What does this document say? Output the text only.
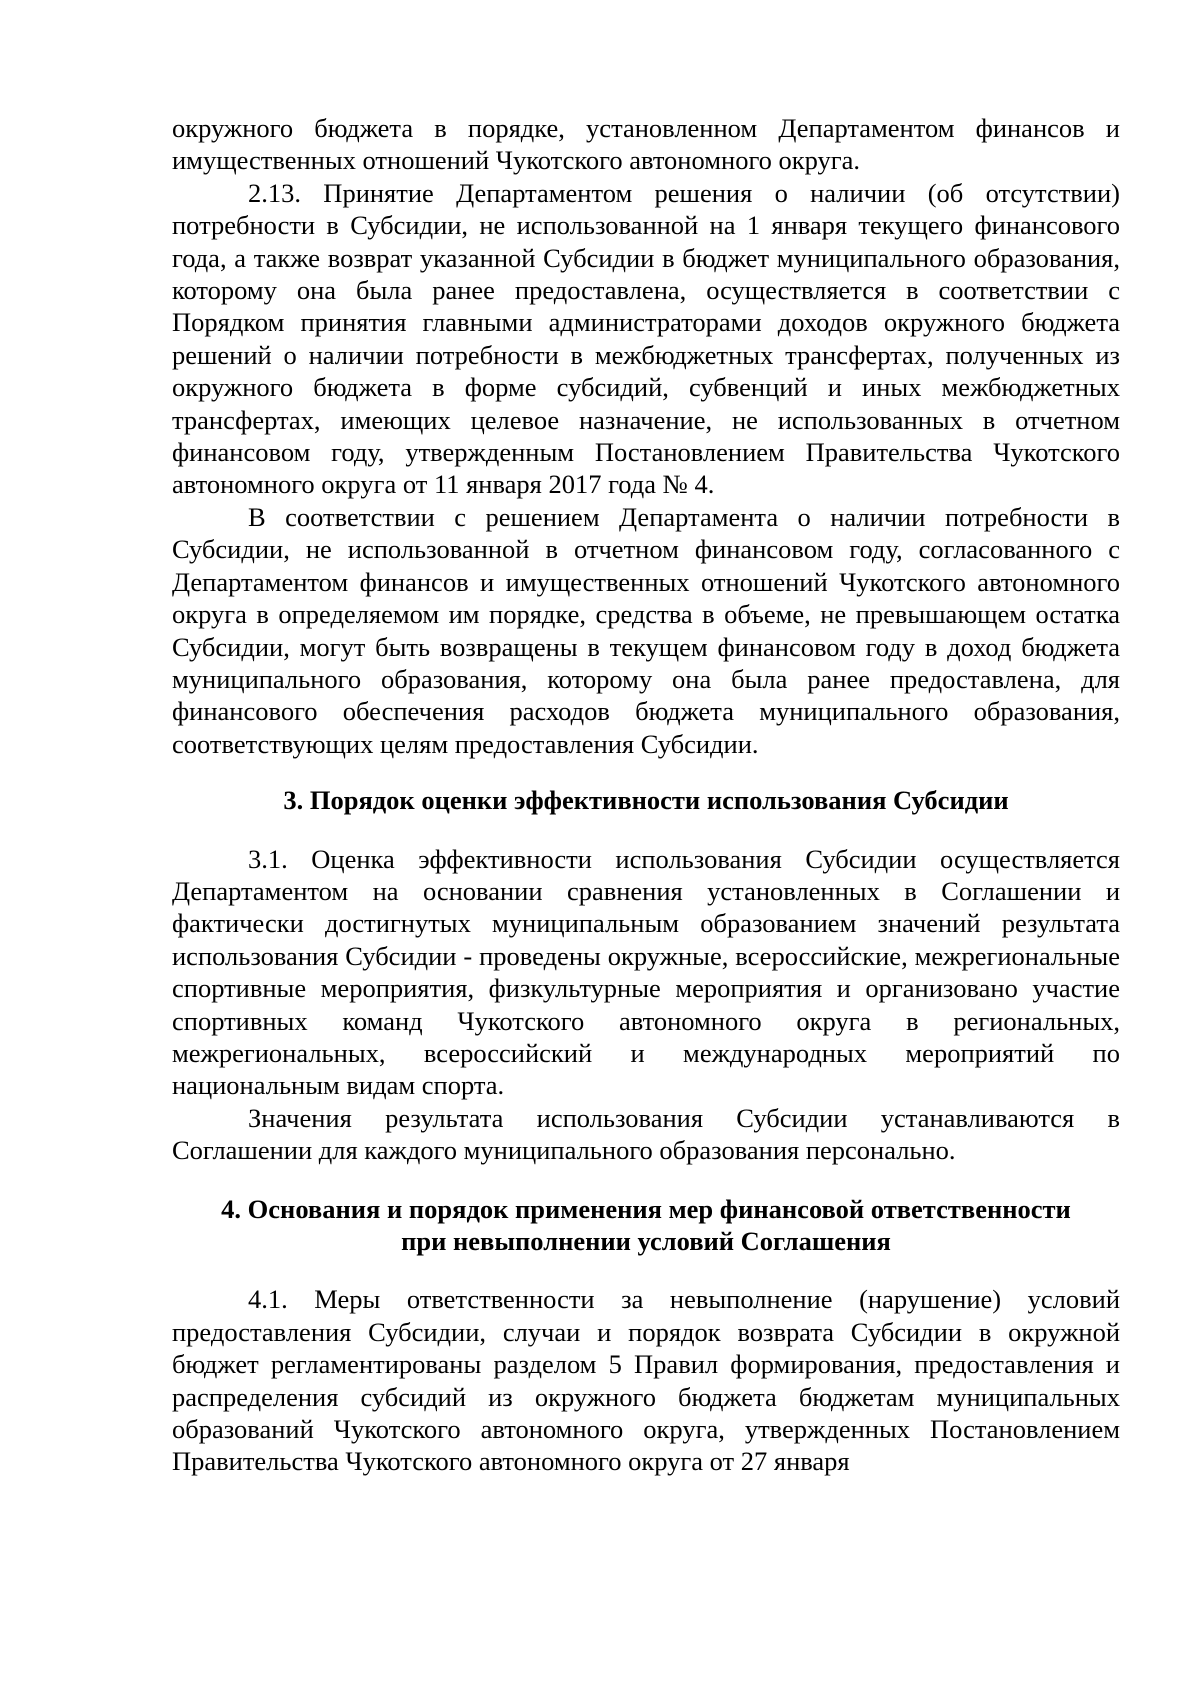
окружного бюджета в порядке, установленном Департаментом финансов и имущественных отношений Чукотского автономного округа.

2.13. Принятие Департаментом решения о наличии (об отсутствии) потребности в Субсидии, не использованной на 1 января текущего финансового года, а также возврат указанной Субсидии в бюджет муниципального образования, которому она была ранее предоставлена, осуществляется в соответствии с Порядком принятия главными администраторами доходов окружного бюджета решений о наличии потребности в межбюджетных трансфертах, полученных из окружного бюджета в форме субсидий, субвенций и иных межбюджетных трансфертах, имеющих целевое назначение, не использованных в отчетном финансовом году, утвержденным Постановлением Правительства Чукотского автономного округа от 11 января 2017 года № 4.

В соответствии с решением Департамента о наличии потребности в Субсидии, не использованной в отчетном финансовом году, согласованного с Департаментом финансов и имущественных отношений Чукотского автономного округа в определяемом им порядке, средства в объеме, не превышающем остатка Субсидии, могут быть возвращены в текущем финансовом году в доход бюджета муниципального образования, которому она была ранее предоставлена, для финансового обеспечения расходов бюджета муниципального образования, соответствующих целям предоставления Субсидии.

3. Порядок оценки эффективности использования Субсидии

3.1. Оценка эффективности использования Субсидии осуществляется Департаментом на основании сравнения установленных в Соглашении и фактически достигнутых муниципальным образованием значений результата использования Субсидии - проведены окружные, всероссийские, межрегиональные спортивные мероприятия, физкультурные мероприятия и организовано участие спортивных команд Чукотского автономного округа в региональных, межрегиональных, всероссийский и международных мероприятий по национальным видам спорта.

Значения результата использования Субсидии устанавливаются в Соглашении для каждого муниципального образования персонально.

4. Основания и порядок применения мер финансовой ответственности
при невыполнении условий Соглашения

4.1. Меры ответственности за невыполнение (нарушение) условий предоставления Субсидии, случаи и порядок возврата Субсидии в окружной бюджет регламентированы разделом 5 Правил формирования, предоставления и распределения субсидий из окружного бюджета бюджетам муниципальных образований Чукотского автономного округа, утвержденных Постановлением Правительства Чукотского автономного округа от 27 января
